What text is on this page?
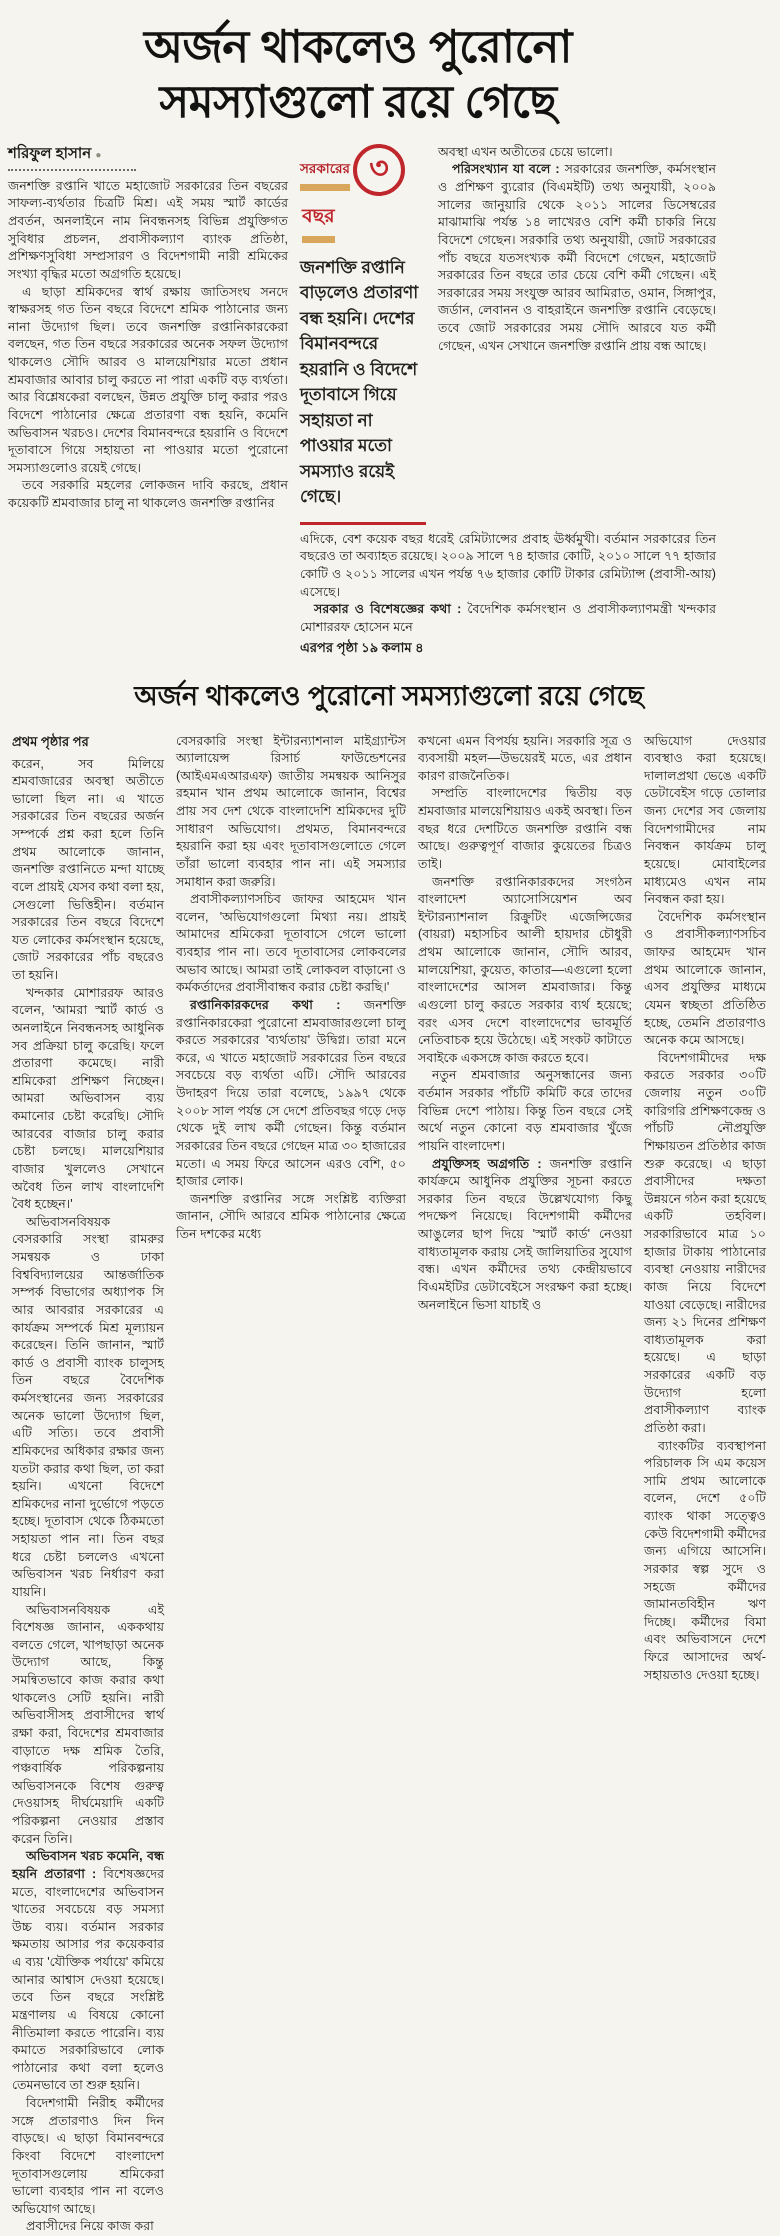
অর্জন থাকলেও পুরোনো
সমস্যাগুলো রয়ে গেছে

শরিফুল হাসান ●

জনশক্তি রপ্তানি খাতে মহাজোট সরকারের তিন বছরের সাফল্য-ব্যর্থতার চিত্রটি মিশ্র। এই সময় স্মার্ট কার্ডের প্রবর্তন, অনলাইনে নাম নিবন্ধনসহ বিভিন্ন প্রযুক্তিগত সুবিধার প্রচলন, প্রবাসীকল্যাণ ব্যাংক প্রতিষ্ঠা, প্রশিক্ষণসুবিধা সম্প্রসারণ ও বিদেশগামী নারী শ্রমিকের সংখ্যা বৃদ্ধির মতো অগ্রগতি হয়েছে।

এ ছাড়া শ্রমিকদের স্বার্থ রক্ষায় জাতিসংঘ সনদে স্বাক্ষরসহ গত তিন বছরে বিদেশে শ্রমিক পাঠানোর জন্য নানা উদ্যোগ ছিল। তবে জনশক্তি রপ্তানিকারকেরা বলছেন, গত তিন বছরে সরকারের অনেক সফল উদ্যোগ থাকলেও সৌদি আরব ও মালয়েশিয়ার মতো প্রধান শ্রমবাজার আবার চালু করতে না পারা একটি বড় ব্যর্থতা। আর বিশ্লেষকেরা বলছেন, উন্নত প্রযুক্তি চালু করার পরও বিদেশে পাঠানোর ক্ষেত্রে প্রতারণা বন্ধ হয়নি, কমেনি অভিবাসন খরচও। দেশের বিমানবন্দরে হয়রানি ও বিদেশে দূতাবাসে গিয়ে সহায়তা না পাওয়ার মতো পুরোনো সমস্যাগুলোও রয়েই গেছে।

তবে সরকারি মহলের লোকজন দাবি করছে, প্রধান কয়েকটি শ্রমবাজার চালু না থাকলেও জনশক্তি রপ্তানির

সরকারের ৩
বছর
জনশক্তি রপ্তানি বাড়লেও প্রতারণা বন্ধ হয়নি। দেশের বিমানবন্দরে হয়রানি ও বিদেশে দূতাবাসে গিয়ে সহায়তা না পাওয়ার মতো সমস্যাও রয়েই গেছে।

অবস্থা এখন অতীতের চেয়ে ভালো।

পরিসংখ্যান যা বলে : সরকারের জনশক্তি, কর্মসংস্থান ও প্রশিক্ষণ ব্যুরোর (বিএমইটি) তথ্য অনুযায়ী, ২০০৯ সালের জানুয়ারি থেকে ২০১১ সালের ডিসেম্বরের মাঝামাঝি পর্যন্ত ১৪ লাখেরও বেশি কর্মী চাকরি নিয়ে বিদেশে গেছেন। সরকারি তথ্য অনুযায়ী, জোট সরকারের পাঁচ বছরে যতসংখ্যক কর্মী বিদেশে গেছেন, মহাজোট সরকারের তিন বছরে তার চেয়ে বেশি কর্মী গেছেন। এই সরকারের সময় সংযুক্ত আরব আমিরাত, ওমান, সিঙ্গাপুর, জর্ডান, লেবানন ও বাহরাইনে জনশক্তি রপ্তানি বেড়েছে। তবে জোট সরকারের সময় সৌদি আরবে যত কর্মী গেছেন, এখন সেখানে জনশক্তি রপ্তানি প্রায় বন্ধ আছে।

এদিকে, বেশ কয়েক বছর ধরেই রেমিট্যান্সের প্রবাহ ঊর্ধ্বমুখী। বর্তমান সরকারের তিন বছরেও তা অব্যাহত রয়েছে। ২০০৯ সালে ৭৪ হাজার কোটি, ২০১০ সালে ৭৭ হাজার কোটি ও ২০১১ সালের এখন পর্যন্ত ৭৬ হাজার কোটি টাকার রেমিট্যান্স (প্রবাসী-আয়) এসেছে।

সরকার ও বিশেষজ্ঞের কথা : বৈদেশিক কর্মসংস্থান ও প্রবাসীকল্যাণমন্ত্রী খন্দকার মোশাররফ হোসেন মনে

এরপর পৃষ্ঠা ১৯ কলাম ৪

অর্জন থাকলেও পুরোনো সমস্যাগুলো রয়ে গেছে

প্রথম পৃষ্ঠার পর

করেন, সব মিলিয়ে শ্রমবাজারের অবস্থা অতীতে ভালো ছিল না। এ খাতে সরকারের তিন বছরের অর্জন সম্পর্কে প্রশ্ন করা হলে তিনি প্রথম আলোকে জানান, জনশক্তি রপ্তানিতে মন্দা যাচ্ছে বলে প্রায়ই যেসব কথা বলা হয়, সেগুলো ভিত্তিহীন। বর্তমান সরকারের তিন বছরে বিদেশে যত লোকের কর্মসংস্থান হয়েছে, জোট সরকারের পাঁচ বছরেও তা হয়নি।

খন্দকার মোশাররফ আরও বলেন, 'আমরা স্মার্ট কার্ড ও অনলাইনে নিবন্ধনসহ আধুনিক সব প্রক্রিয়া চালু করেছি। ফলে প্রতারণা কমেছে। নারী শ্রমিকেরা প্রশিক্ষণ নিচ্ছেন। আমরা অভিবাসন ব্যয় কমানোর চেষ্টা করেছি। সৌদি আরবের বাজার চালু করার চেষ্টা চলছে। মালয়েশিয়ার বাজার খুললেও সেখানে অবৈধ তিন লাখ বাংলাদেশি বৈধ হচ্ছেন।'

অভিবাসনবিষয়ক বেসরকারি সংস্থা রামরুর সমন্বয়ক ও ঢাকা বিশ্ববিদ্যালয়ের আন্তর্জাতিক সম্পর্ক বিভাগের অধ্যাপক সি আর আবরার সরকারের এ কার্যক্রম সম্পর্কে মিশ্র মূল্যায়ন করেছেন। তিনি জানান, স্মার্ট কার্ড ও প্রবাসী ব্যাংক চালুসহ তিন বছরে বৈদেশিক কর্মসংস্থানের জন্য সরকারের অনেক ভালো উদ্যোগ ছিল, এটি সত্যি। তবে প্রবাসী শ্রমিকদের অধিকার রক্ষার জন্য যতটা করার কথা ছিল, তা করা হয়নি। এখনো বিদেশে শ্রমিকদের নানা দুর্ভোগে পড়তে হচ্ছে। দূতাবাস থেকে ঠিকমতো সহায়তা পান না। তিন বছর ধরে চেষ্টা চললেও এখনো অভিবাসন খরচ নির্ধারণ করা যায়নি।

অভিবাসনবিষয়ক এই বিশেষজ্ঞ জানান, এককথায় বলতে গেলে, খাপছাড়া অনেক উদ্যোগ আছে, কিন্তু সমন্বিতভাবে কাজ করার কথা থাকলেও সেটি হয়নি। নারী অভিবাসীসহ প্রবাসীদের স্বার্থ রক্ষা করা, বিদেশের শ্রমবাজার বাড়াতে দক্ষ শ্রমিক তৈরি, পঞ্চবার্ষিক পরিকল্পনায় অভিবাসনকে বিশেষ গুরুত্ব দেওয়াসহ দীর্ঘমেয়াদি একটি পরিকল্পনা নেওয়ার প্রস্তাব করেন তিনি।

অভিবাসন খরচ কমেনি, বন্ধ হয়নি প্রতারণা : বিশেষজ্ঞদের মতে, বাংলাদেশের অভিবাসন খাতের সবচেয়ে বড় সমস্যা উচ্চ ব্যয়। বর্তমান সরকার ক্ষমতায় আসার পর কয়েকবার এ ব্যয় 'যৌক্তিক পর্যায়ে' কমিয়ে আনার আশ্বাস দেওয়া হয়েছে। তবে তিন বছরে সংশ্লিষ্ট মন্ত্রণালয় এ বিষয়ে কোনো নীতিমালা করতে পারেনি। ব্যয় কমাতে সরকারিভাবে লোক পাঠানোর কথা বলা হলেও তেমনভাবে তা শুরু হয়নি।

বিদেশগামী নিরীহ কর্মীদের সঙ্গে প্রতারণাও দিন দিন বাড়ছে। এ ছাড়া বিমানবন্দরে কিংবা বিদেশে বাংলাদেশ দূতাবাসগুলোয় শ্রমিকেরা ভালো ব্যবহার পান না বলেও অভিযোগ আছে।

প্রবাসীদের নিয়ে কাজ করা

বেসরকারি সংস্থা ইন্টারন্যাশনাল মাইগ্র্যান্টস অ্যালায়েন্স রিসার্চ ফাউন্ডেশনের (আইএমএআরএফ) জাতীয় সমন্বয়ক আনিসুর রহমান খান প্রথম আলোকে জানান, বিশ্বের প্রায় সব দেশ থেকে বাংলাদেশি শ্রমিকদের দুটি সাধারণ অভিযোগ। প্রথমত, বিমানবন্দরে হয়রানি করা হয় এবং দূতাবাসগুলোতে গেলে তাঁরা ভালো ব্যবহার পান না। এই সমস্যার সমাধান করা জরুরি।

প্রবাসীকল্যাণসচিব জাফর আহমেদ খান বলেন, 'অভিযোগগুলো মিথ্যা নয়। প্রায়ই আমাদের শ্রমিকেরা দূতাবাসে গেলে ভালো ব্যবহার পান না। তবে দূতাবাসের লোকবলের অভাব আছে। আমরা তাই লোকবল বাড়ানো ও কর্মকর্তাদের প্রবাসীবান্ধব করার চেষ্টা করছি।'

রপ্তানিকারকদের কথা : জনশক্তি রপ্তানিকারকেরা পুরোনো শ্রমবাজারগুলো চালু করতে সরকারের 'ব্যর্থতায়' উদ্বিগ্ন। তারা মনে করে, এ খাতে মহাজোট সরকারের তিন বছরে সবচেয়ে বড় ব্যর্থতা এটি। সৌদি আরবের উদাহরণ দিয়ে তারা বলেছে, ১৯৯৭ থেকে ২০০৮ সাল পর্যন্ত সে দেশে প্রতিবছর গড়ে দেড় থেকে দুই লাখ কর্মী গেছেন। কিন্তু বর্তমান সরকারের তিন বছরে গেছেন মাত্র ৩০ হাজারের মতো। এ সময় ফিরে আসেন এরও বেশি, ৫০ হাজার লোক।

জনশক্তি রপ্তানির সঙ্গে সংশ্লিষ্ট ব্যক্তিরা জানান, সৌদি আরবে শ্রমিক পাঠানোর ক্ষেত্রে তিন দশকের মধ্যে

কখনো এমন বিপর্যয় হয়নি। সরকারি সূত্র ও ব্যবসায়ী মহল—উভয়েরই মতে, এর প্রধান কারণ রাজনৈতিক।

সম্প্রতি বাংলাদেশের দ্বিতীয় বড় শ্রমবাজার মালয়েশিয়ায়ও একই অবস্থা। তিন বছর ধরে দেশটিতে জনশক্তি রপ্তানি বন্ধ আছে। গুরুত্বপূর্ণ বাজার কুয়েতের চিত্রও তাই।

জনশক্তি রপ্তানিকারকদের সংগঠন বাংলাদেশ অ্যাসোসিয়েশন অব ইন্টারন্যাশনাল রিক্রুটিং এজেন্সিজের (বায়রা) মহাসচিব আলী হায়দার চৌধুরী প্রথম আলোকে জানান, সৌদি আরব, মালয়েশিয়া, কুয়েত, কাতার—এগুলো হলো বাংলাদেশের আসল শ্রমবাজার। কিন্তু এগুলো চালু করতে সরকার ব্যর্থ হয়েছে; বরং এসব দেশে বাংলাদেশের ভাবমূর্তি নেতিবাচক হয়ে উঠেছে। এই সংকট কাটাতে সবাইকে একসঙ্গে কাজ করতে হবে।

নতুন শ্রমবাজার অনুসন্ধানের জন্য বর্তমান সরকার পাঁচটি কমিটি করে তাদের বিভিন্ন দেশে পাঠায়। কিন্তু তিন বছরে সেই অর্থে নতুন কোনো বড় শ্রমবাজার খুঁজে পায়নি বাংলাদেশ।

প্রযুক্তিসহ অগ্রগতি : জনশক্তি রপ্তানি কার্যক্রমে আধুনিক প্রযুক্তির সূচনা করতে সরকার তিন বছরে উল্লেখযোগ্য কিছু পদক্ষেপ নিয়েছে। বিদেশগামী কর্মীদের আঙুলের ছাপ দিয়ে 'স্মার্ট কার্ড' নেওয়া বাধ্যতামূলক করায় সেই জালিয়াতির সুযোগ বন্ধ। এখন কর্মীদের তথ্য কেন্দ্রীয়ভাবে বিএমইটির ডেটাবেইসে সংরক্ষণ করা হচ্ছে। অনলাইনে ভিসা যাচাই ও

অভিযোগ দেওয়ার ব্যবস্থাও করা হয়েছে। দালালপ্রথা ভেঙে একটি ডেটাবেইস গড়ে তোলার জন্য দেশের সব জেলায় বিদেশগামীদের নাম নিবন্ধন কার্যক্রম চালু হয়েছে। মোবাইলের মাধ্যমেও এখন নাম নিবন্ধন করা হয়।

বৈদেশিক কর্মসংস্থান ও প্রবাসীকল্যাণসচিব জাফর আহমেদ খান প্রথম আলোকে জানান, এসব প্রযুক্তির মাধ্যমে যেমন স্বচ্ছতা প্রতিষ্ঠিত হচ্ছে, তেমনি প্রতারণাও অনেক কমে আসছে।

বিদেশগামীদের দক্ষ করতে সরকার ৩০টি জেলায় নতুন ৩০টি কারিগরি প্রশিক্ষণকেন্দ্র ও পাঁচটি নৌপ্রযুক্তি শিক্ষায়তন প্রতিষ্ঠার কাজ শুরু করেছে। এ ছাড়া প্রবাসীদের দক্ষতা উন্নয়নে গঠন করা হয়েছে একটি তহবিল। সরকারিভাবে মাত্র ১০ হাজার টাকায় পাঠানোর ব্যবস্থা নেওয়ায় নারীদের কাজ নিয়ে বিদেশে যাওয়া বেড়েছে। নারীদের জন্য ২১ দিনের প্রশিক্ষণ বাধ্যতামূলক করা হয়েছে। এ ছাড়া সরকারের একটি বড় উদ্যোগ হলো প্রবাসীকল্যাণ ব্যাংক প্রতিষ্ঠা করা।

ব্যাংকটির ব্যবস্থাপনা পরিচালক সি এম কয়েস সামি প্রথম আলোকে বলেন, দেশে ৫০টি ব্যাংক থাকা সত্ত্বেও কেউ বিদেশগামী কর্মীদের জন্য এগিয়ে আসেনি। সরকার স্বল্প সুদে ও সহজে কর্মীদের জামানতবিহীন ঋণ দিচ্ছে। কর্মীদের বিমা এবং অভিবাসনে দেশে ফিরে আসাদের অর্থ-সহায়তাও দেওয়া হচ্ছে।
